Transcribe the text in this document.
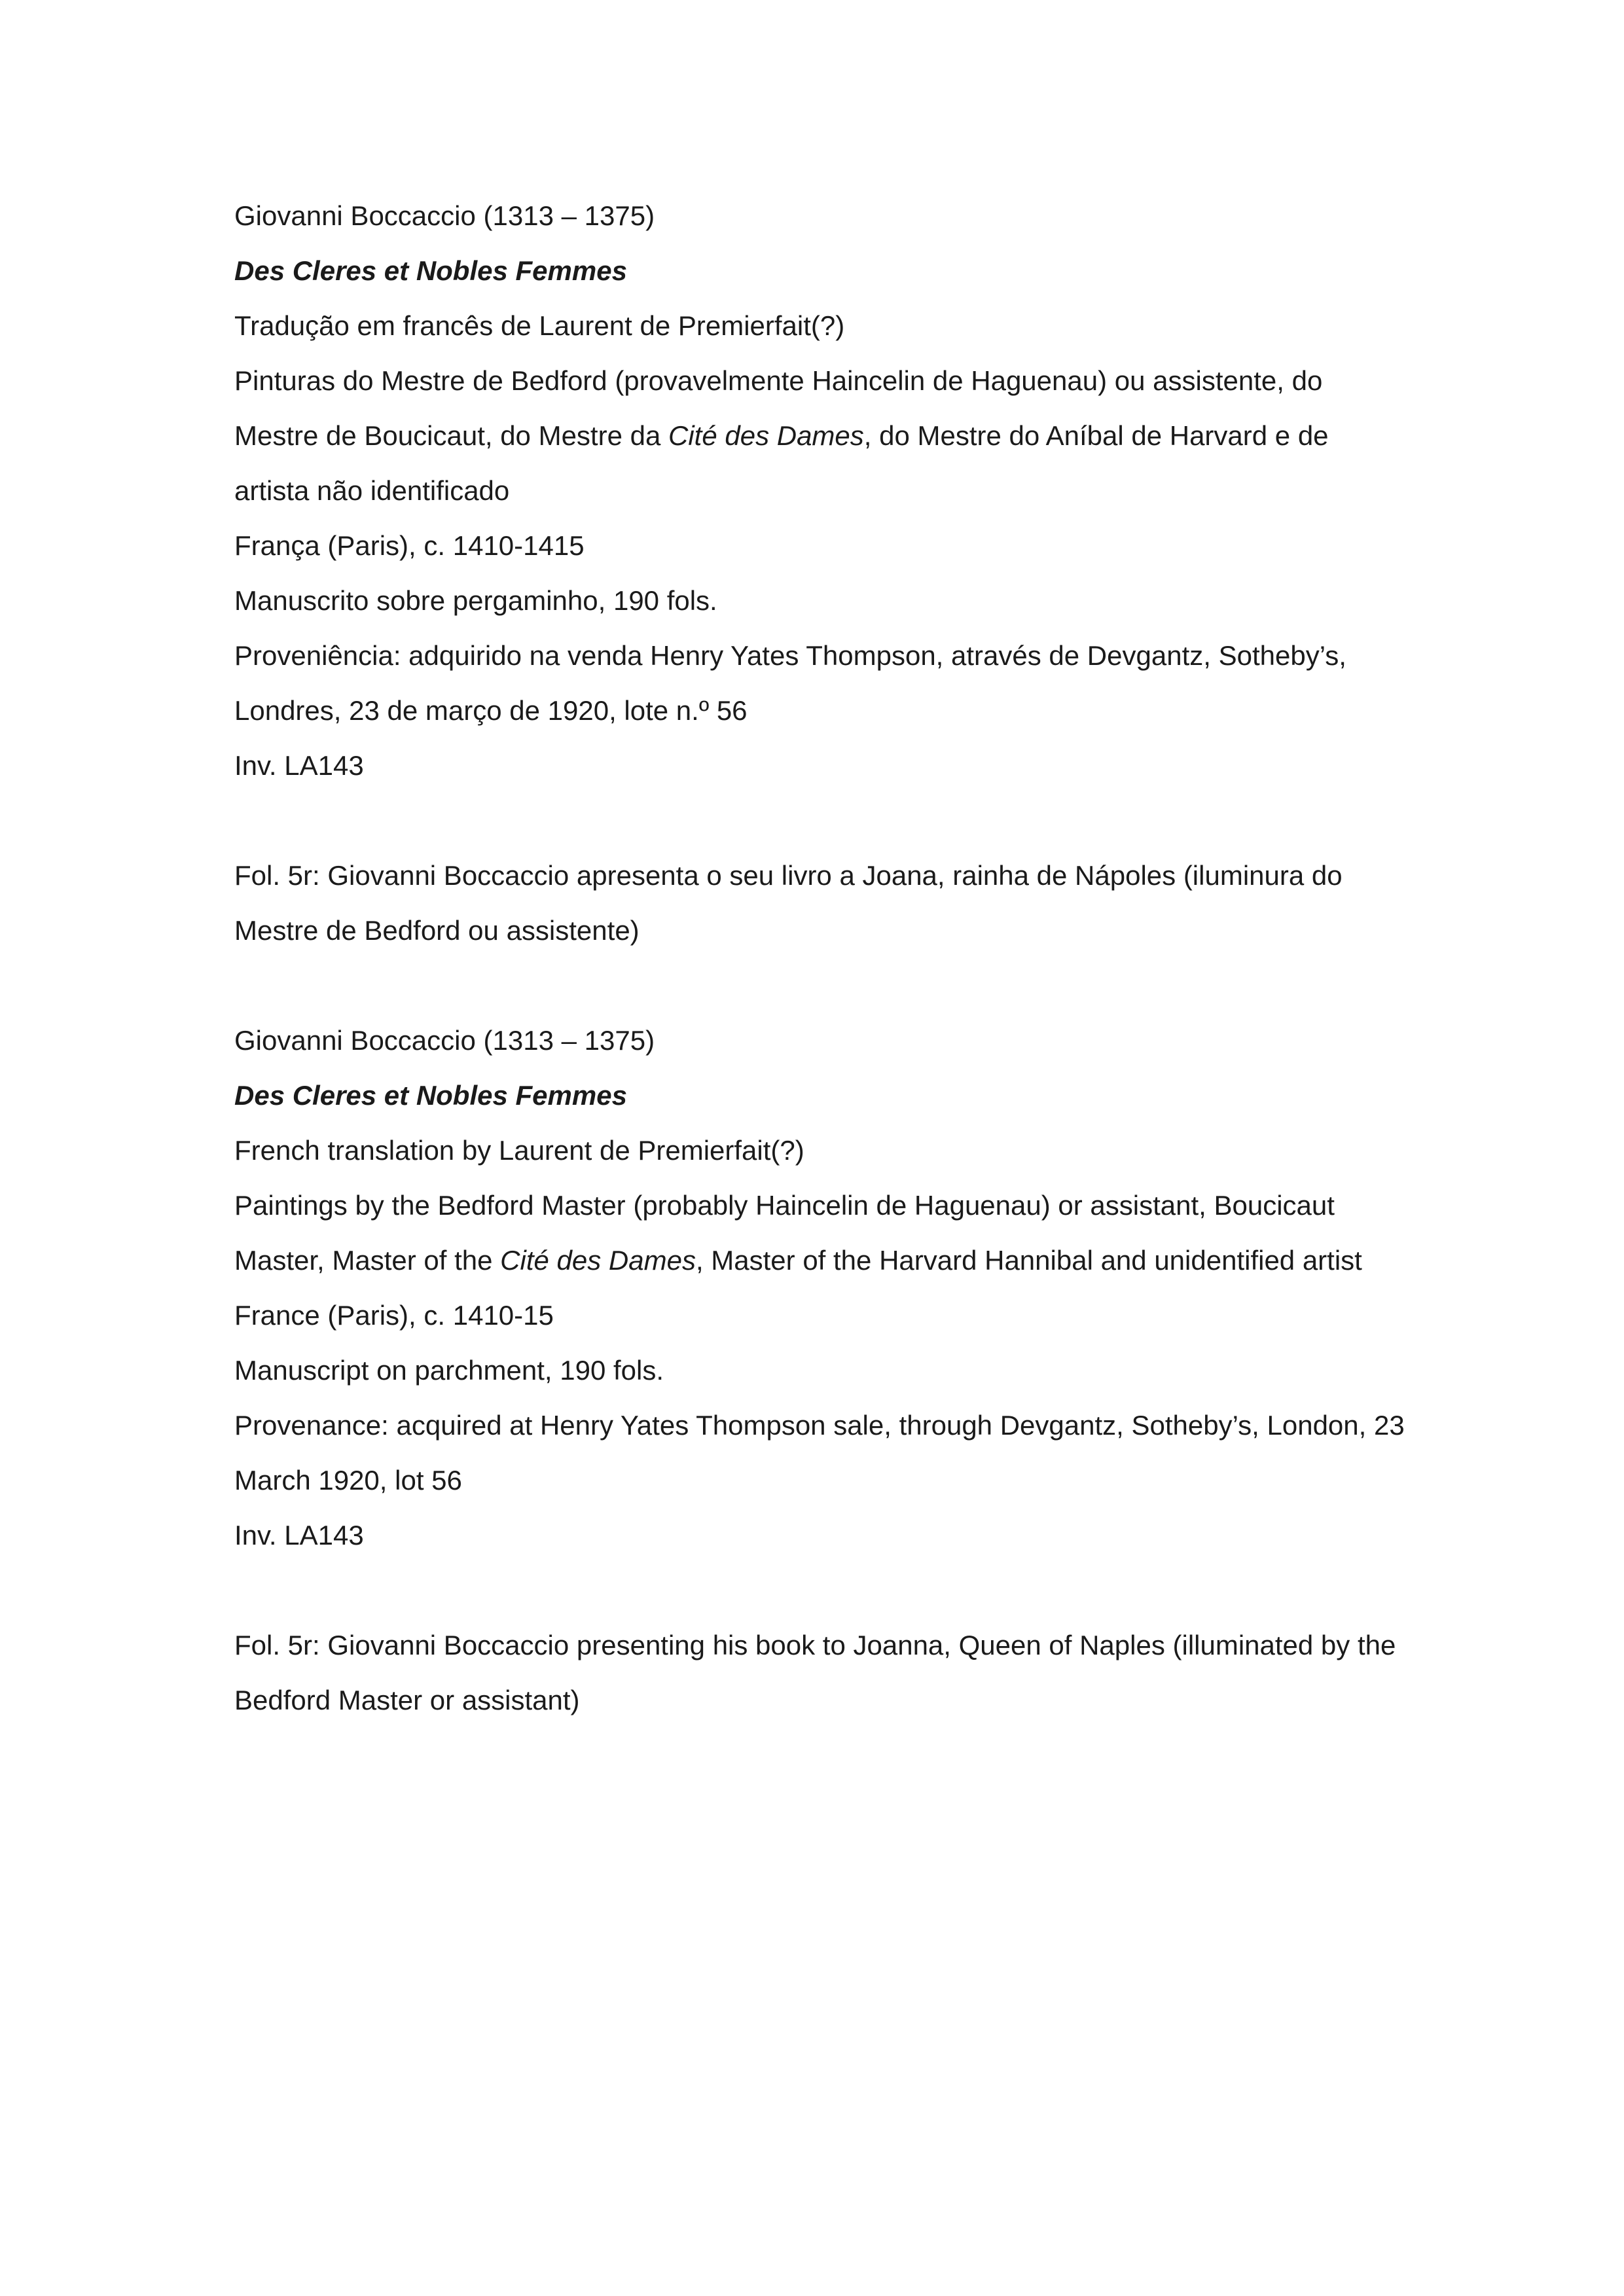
Giovanni Boccaccio (1313 – 1375)
Des Cleres et Nobles Femmes
Tradução em francês de Laurent de Premierfait(?)
Pinturas do Mestre de Bedford (provavelmente Haincelin de Haguenau) ou assistente, do
Mestre de Boucicaut, do Mestre da Cité des Dames, do Mestre do Aníbal de Harvard e de
artista não identificado
França (Paris), c. 1410-1415
Manuscrito sobre pergaminho, 190 fols.
Proveniência: adquirido na venda Henry Yates Thompson, através de Devgantz, Sotheby’s,
Londres, 23 de março de 1920, lote n.º 56
Inv. LA143
Fol. 5r: Giovanni Boccaccio apresenta o seu livro a Joana, rainha de Nápoles (iluminura do
Mestre de Bedford ou assistente)
Giovanni Boccaccio (1313 – 1375)
Des Cleres et Nobles Femmes
French translation by Laurent de Premierfait(?)
Paintings by the Bedford Master (probably Haincelin de Haguenau) or assistant, Boucicaut
Master, Master of the Cité des Dames, Master of the Harvard Hannibal and unidentified artist
France (Paris), c. 1410-15
Manuscript on parchment, 190 fols.
Provenance: acquired at Henry Yates Thompson sale, through Devgantz, Sotheby’s, London, 23
March 1920, lot 56
Inv. LA143
Fol. 5r: Giovanni Boccaccio presenting his book to Joanna, Queen of Naples (illuminated by the
Bedford Master or assistant)
